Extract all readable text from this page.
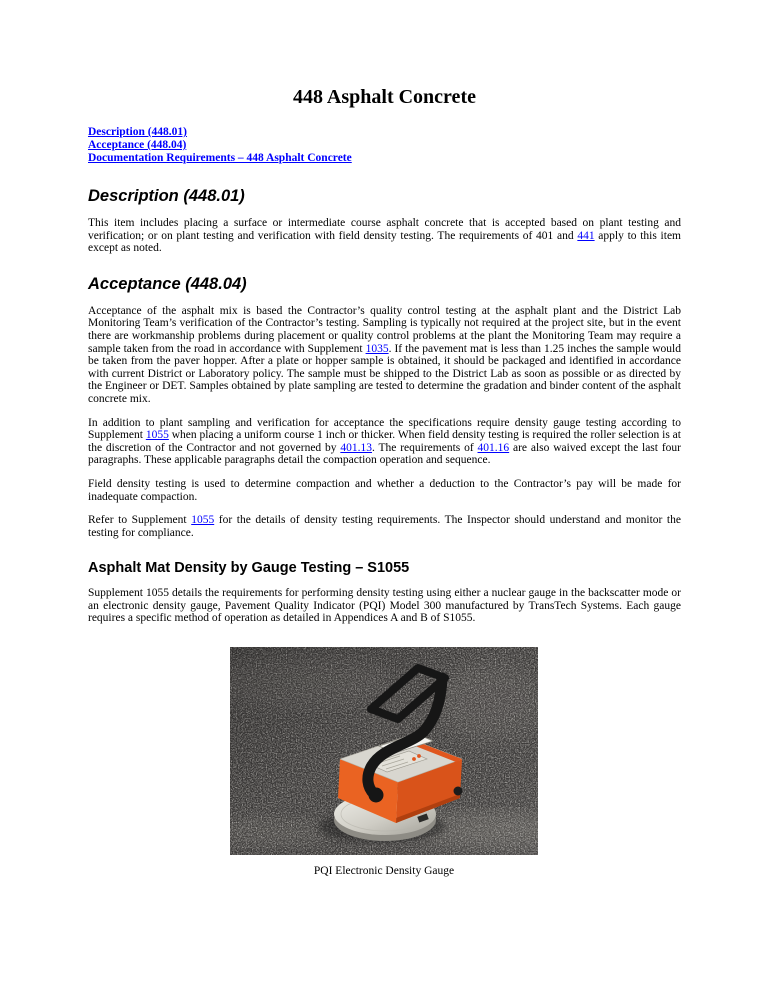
448 Asphalt Concrete
Description (448.01)
Acceptance (448.04)
Documentation Requirements – 448 Asphalt Concrete
Description (448.01)

This item includes placing a surface or intermediate course asphalt concrete that is accepted based on plant testing and verification; or on plant testing and verification with field density testing. The requirements of 401 and 441 apply to this item except as noted.

Acceptance (448.04)

Acceptance of the asphalt mix is based the Contractor’s quality control testing at the asphalt plant and the District Lab Monitoring Team’s verification of the Contractor’s testing. Sampling is typically not required at the project site, but in the event there are workmanship problems during placement or quality control problems at the plant the Monitoring Team may require a sample taken from the road in accordance with Supplement 1035. If the pavement mat is less than 1.25 inches the sample would be taken from the paver hopper. After a plate or hopper sample is obtained, it should be packaged and identified in accordance with current District or Laboratory policy. The sample must be shipped to the District Lab as soon as possible or as directed by the Engineer or DET. Samples obtained by plate sampling are tested to determine the gradation and binder content of the asphalt concrete mix.

In addition to plant sampling and verification for acceptance the specifications require density gauge testing according to Supplement 1055 when placing a uniform course 1 inch or thicker. When field density testing is required the roller selection is at the discretion of the Contractor and not governed by 401.13. The requirements of 401.16 are also waived except the last four paragraphs. These applicable paragraphs detail the compaction operation and sequence.

Field density testing is used to determine compaction and whether a deduction to the Contractor’s pay will be made for inadequate compaction.

Refer to Supplement 1055 for the details of density testing requirements. The Inspector should understand and monitor the testing for compliance.

Asphalt Mat Density by Gauge Testing – S1055

Supplement 1055 details the requirements for performing density testing using either a nuclear gauge in the backscatter mode or an electronic density gauge, Pavement Quality Indicator (PQI) Model 300 manufactured by TransTech Systems. Each gauge requires a specific method of operation as detailed in Appendices A and B of S1055.

PQI Electronic Density Gauge
